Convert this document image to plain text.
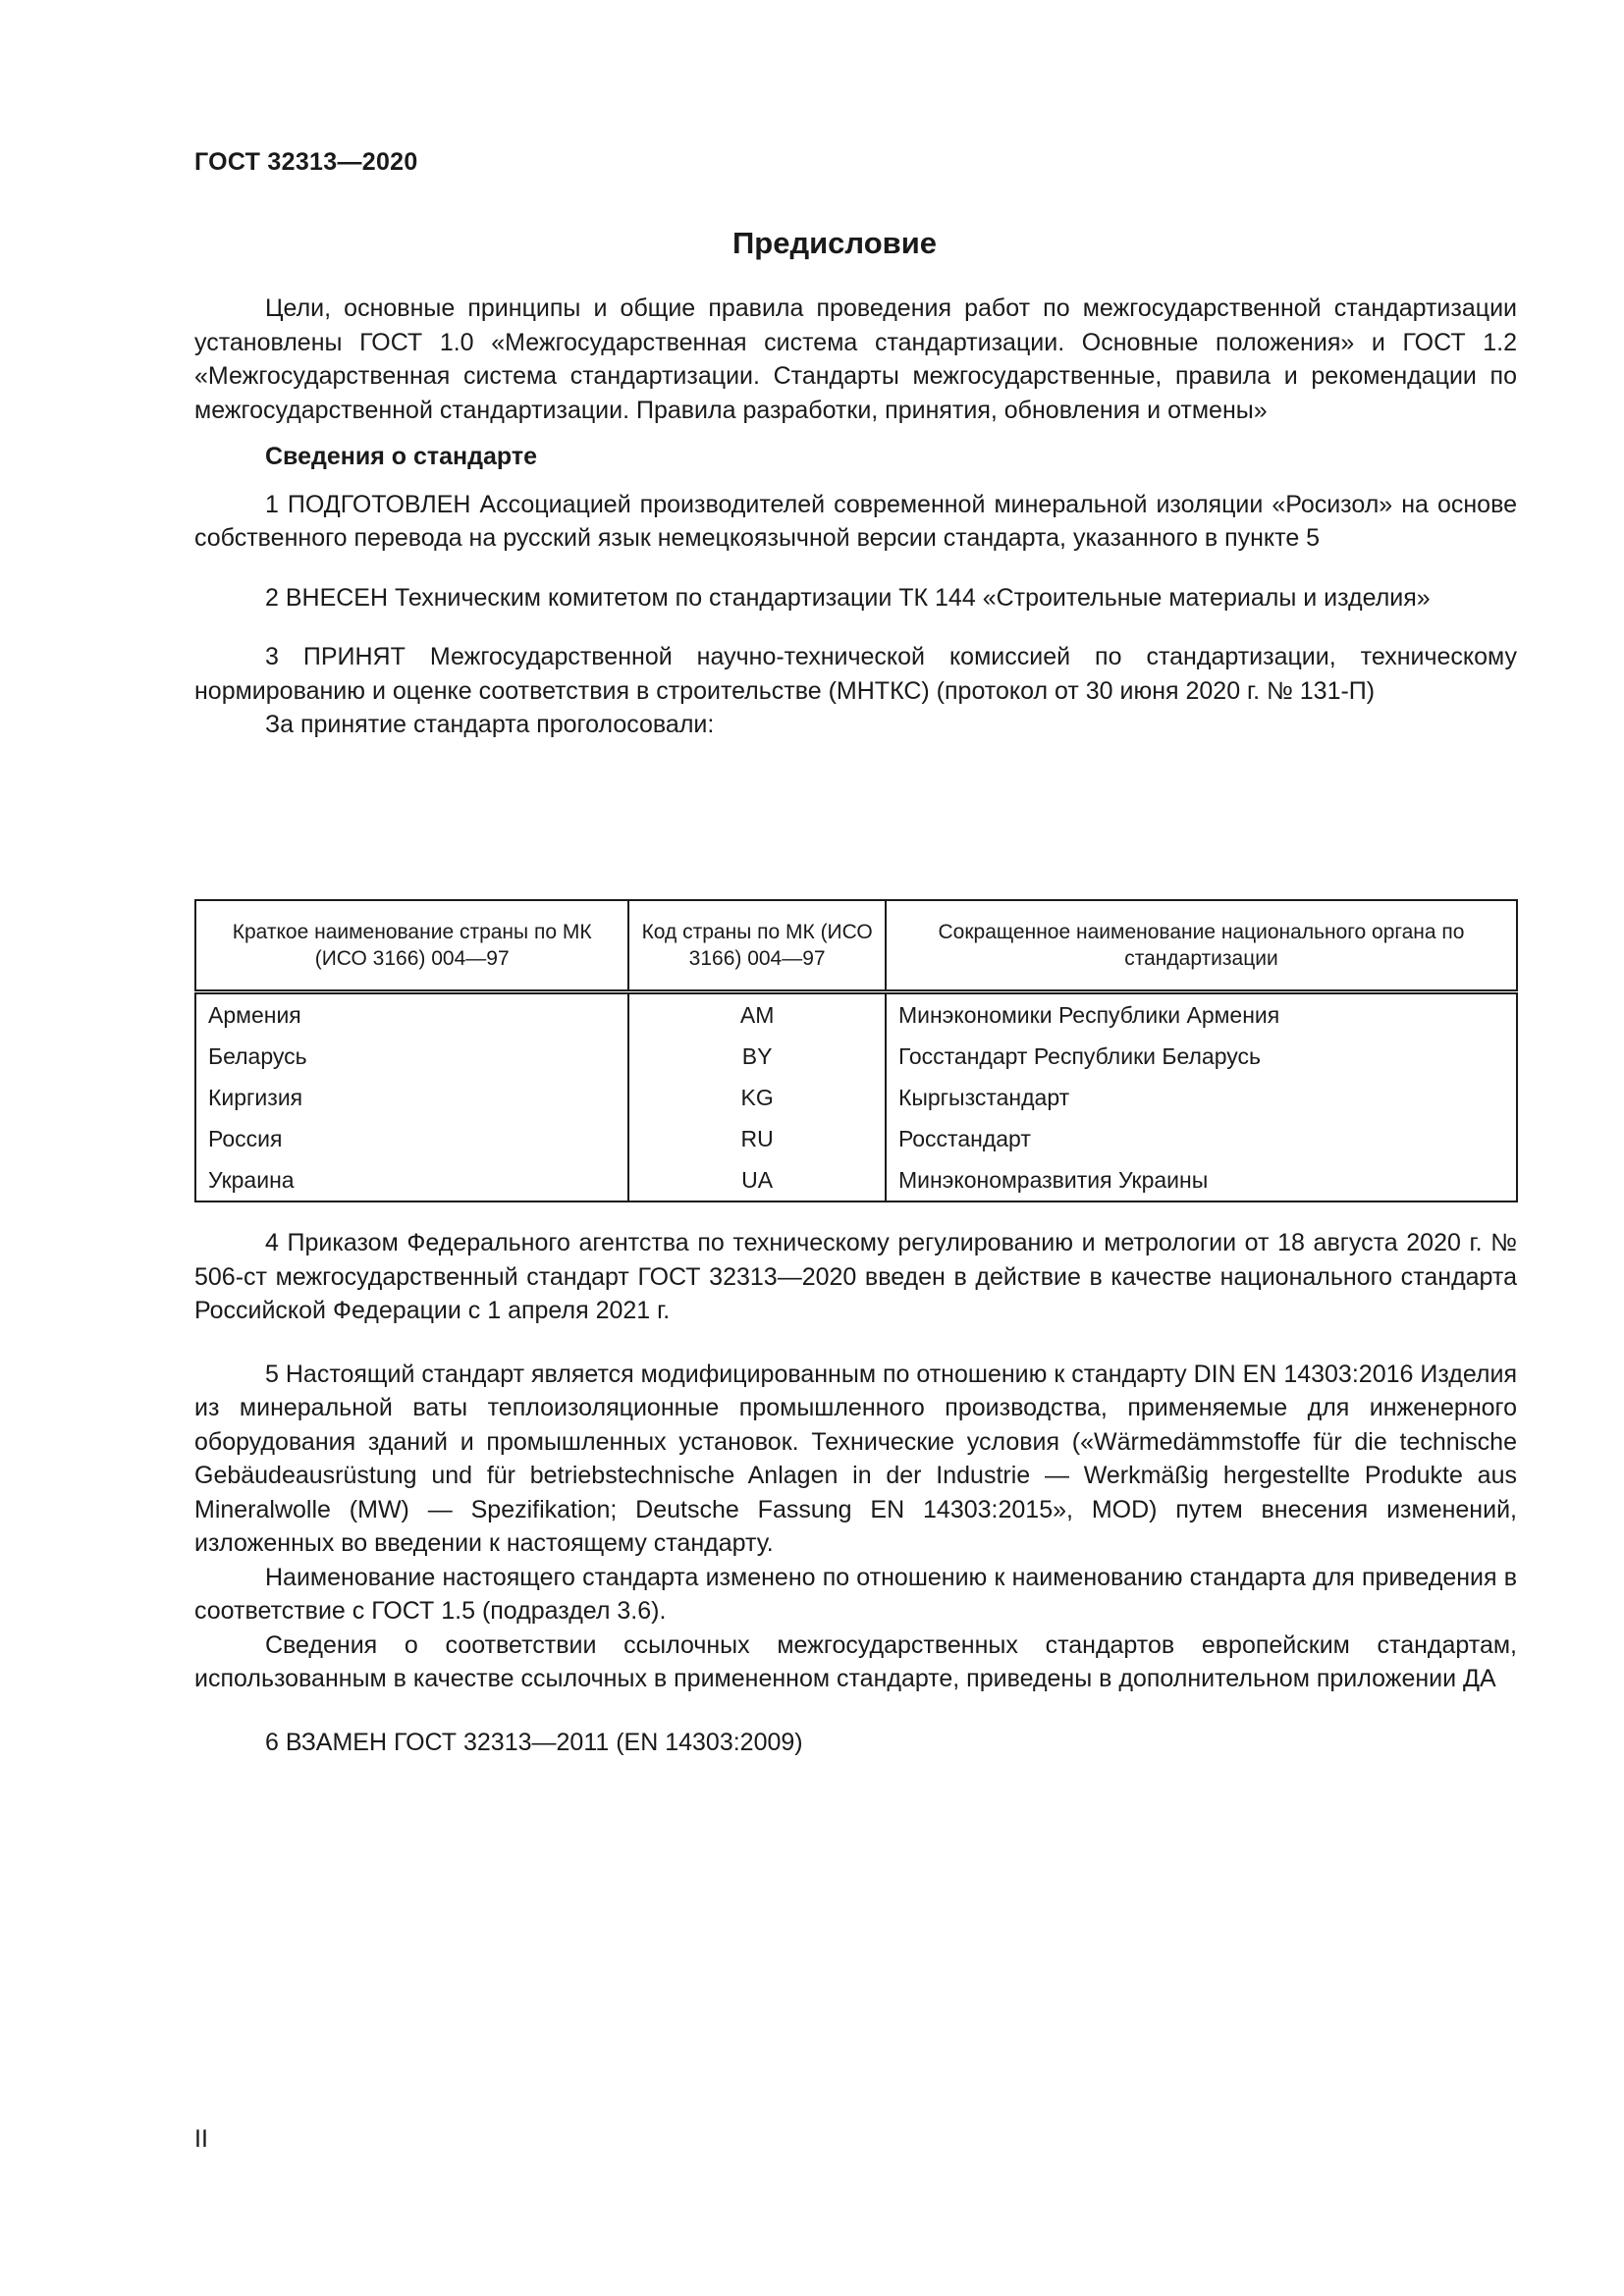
ГОСТ 32313—2020
Предисловие

Цели, основные принципы и общие правила проведения работ по межгосударственной стандартизации установлены ГОСТ 1.0 «Межгосударственная система стандартизации. Основные положения» и ГОСТ 1.2 «Межгосударственная система стандартизации. Стандарты межгосударственные, правила и рекомендации по межгосударственной стандартизации. Правила разработки, принятия, обновления и отмены»

Сведения о стандарте

1 ПОДГОТОВЛЕН Ассоциацией производителей современной минеральной изоляции «Росизол» на основе собственного перевода на русский язык немецкоязычной версии стандарта, указанного в пункте 5

2 ВНЕСЕН Техническим комитетом по стандартизации ТК 144 «Строительные материалы и изделия»

3 ПРИНЯТ Межгосударственной научно-технической комиссией по стандартизации, техническому нормированию и оценке соответствия в строительстве (МНТКС) (протокол от 30 июня 2020 г. № 131-П)

За принятие стандарта проголосовали:

Краткое наименование страны по МК (ИСО 3166) 004—97	Код страны по МК (ИСО 3166) 004—97	Сокращенное наименование национального органа по стандартизации
Армения	AM	Минэкономики Республики Армения
Беларусь	BY	Госстандарт Республики Беларусь
Киргизия	KG	Кыргызстандарт
Россия	RU	Росстандарт
Украина	UA	Минэкономразвития Украины

4 Приказом Федерального агентства по техническому регулированию и метрологии от 18 августа 2020 г. № 506-ст межгосударственный стандарт ГОСТ 32313—2020 введен в действие в качестве национального стандарта Российской Федерации с 1 апреля 2021 г.

5 Настоящий стандарт является модифицированным по отношению к стандарту DIN EN 14303:2016 Изделия из минеральной ваты теплоизоляционные промышленного производства, применяемые для инженерного оборудования зданий и промышленных установок. Технические условия («Wärmedämmstoffe für die technische Gebäudeausrüstung und für betriebstechnische Anlagen in der Industrie — Werkmäßig hergestellte Produkte aus Mineralwolle (MW) — Spezifikation; Deutsche Fassung EN 14303:2015», MOD) путем внесения изменений, изложенных во введении к настоящему стандарту.

Наименование настоящего стандарта изменено по отношению к наименованию стандарта для приведения в соответствие с ГОСТ 1.5 (подраздел 3.6).

Сведения о соответствии ссылочных межгосударственных стандартов европейским стандартам, использованным в качестве ссылочных в примененном стандарте, приведены в дополнительном приложении ДА

6 ВЗАМЕН ГОСТ 32313—2011 (EN 14303:2009)

II
